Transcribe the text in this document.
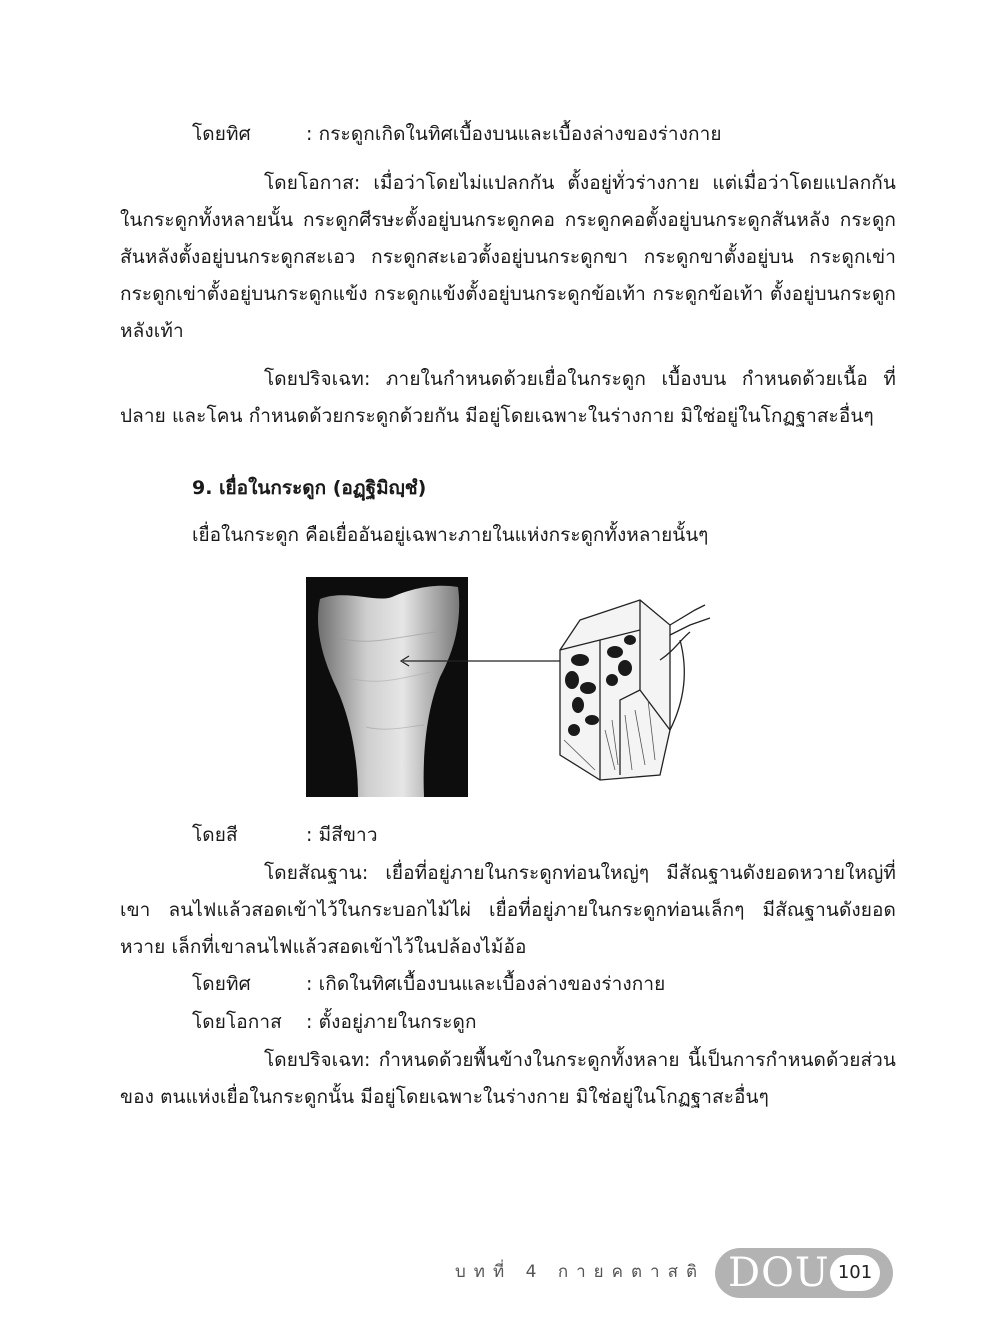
โดยทิศ	: กระดูกเกิดในทิศเบื้องบนและเบื้องล่างของร่างกาย

โดยโอกาส: เมื่อว่าโดยไม่แปลกกัน ตั้งอยู่ทั่วร่างกาย แต่เมื่อว่าโดยแปลกกัน ในกระดูกทั้งหลายนั้น กระดูกศีรษะตั้งอยู่บนกระดูกคอ กระดูกคอตั้งอยู่บนกระดูกสันหลัง กระดูกสันหลังตั้งอยู่บนกระดูกสะเอว กระดูกสะเอวตั้งอยู่บนกระดูกขา กระดูกขาตั้งอยู่บน กระดูกเข่า กระดูกเข่าตั้งอยู่บนกระดูกแข้ง กระดูกแข้งตั้งอยู่บนกระดูกข้อเท้า กระดูกข้อเท้า ตั้งอยู่บนกระดูกหลังเท้า

โดยปริจเฉท: ภายในกำหนดด้วยเยื่อในกระดูก เบื้องบน กำหนดด้วยเนื้อ ที่ปลาย และโคน กำหนดด้วยกระดูกด้วยกัน มีอยู่โดยเฉพาะในร่างกาย มิใช่อยู่ในโกฏฐาสะอื่นๆ

9. เยื่อในกระดูก (อฏฺฐิมิญฺชํ)
เยื่อในกระดูก คือเยื่ออันอยู่เฉพาะภายในแห่งกระดูกทั้งหลายนั้นๆ
โดยสี	: มีสีขาว

โดยสัณฐาน: เยื่อที่อยู่ภายในกระดูกท่อนใหญ่ๆ มีสัณฐานดังยอดหวายใหญ่ที่เขา ลนไฟแล้วสอดเข้าไว้ในกระบอกไม้ไผ่ เยื่อที่อยู่ภายในกระดูกท่อนเล็กๆ มีสัณฐานดังยอดหวาย เล็กที่เขาลนไฟแล้วสอดเข้าไว้ในปล้องไม้อ้อ

โดยทิศ	: เกิดในทิศเบื้องบนและเบื้องล่างของร่างกาย
โดยโอกาส : ตั้งอยู่ภายในกระดูก

โดยปริจเฉท: กำหนดด้วยพื้นข้างในกระดูกทั้งหลาย นี้เป็นการกำหนดด้วยส่วนของ ตนแห่งเยื่อในกระดูกนั้น มีอยู่โดยเฉพาะในร่างกาย มิใช่อยู่ในโกฏฐาสะอื่นๆ

บทที่ 4 กายคตาสติ DOU 101
